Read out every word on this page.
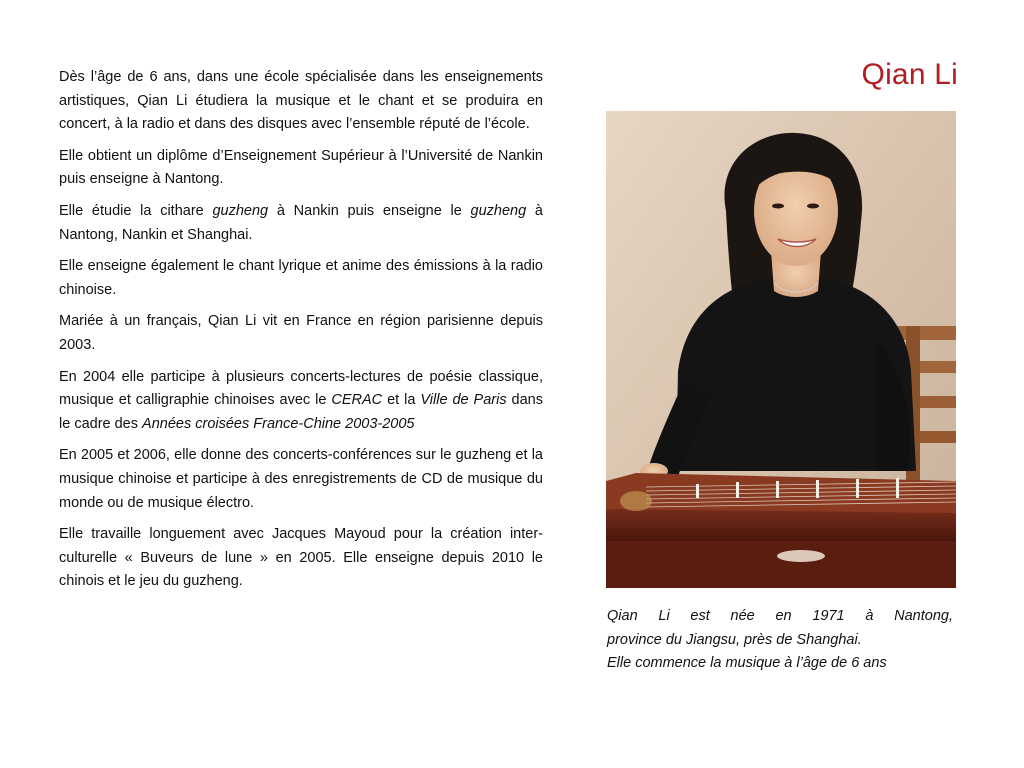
Qian Li

Dès l’âge de 6 ans, dans une école spécialisée dans les enseignements artistiques, Qian Li étudiera la musique et le chant et se produira en concert, à la radio et dans des disques avec l’ensemble réputé de l’école.

Elle obtient un diplôme d’Enseignement Supérieur à l’Université de Nankin puis enseigne à Nantong.

Elle étudie la cithare guzheng à Nankin puis enseigne le guzheng à Nantong, Nankin et Shanghai.

Elle enseigne également le chant lyrique et anime des émissions à la radio chinoise.

Mariée à un français, Qian Li vit en France en région parisienne depuis 2003.

En 2004 elle participe à plusieurs concerts-lectures de poésie classique, musique et calligraphie chinoises avec le CERAC et la Ville de Paris dans le cadre des Années croisées France-Chine 2003-2005

En 2005 et 2006, elle donne des concerts-conférences sur le guzheng et la musique chinoise et participe à des enregistrements de CD de musique du monde ou de musique électro.

Elle travaille longuement avec Jacques Mayoud pour la création inter-culturelle « Buveurs de lune » en 2005. Elle enseigne depuis 2010 le chinois et le jeu du guzheng.

Qian Li est née en 1971 à Nantong,
province du Jiangsu, près de Shanghai.
Elle commence la musique à l’âge de 6 ans
